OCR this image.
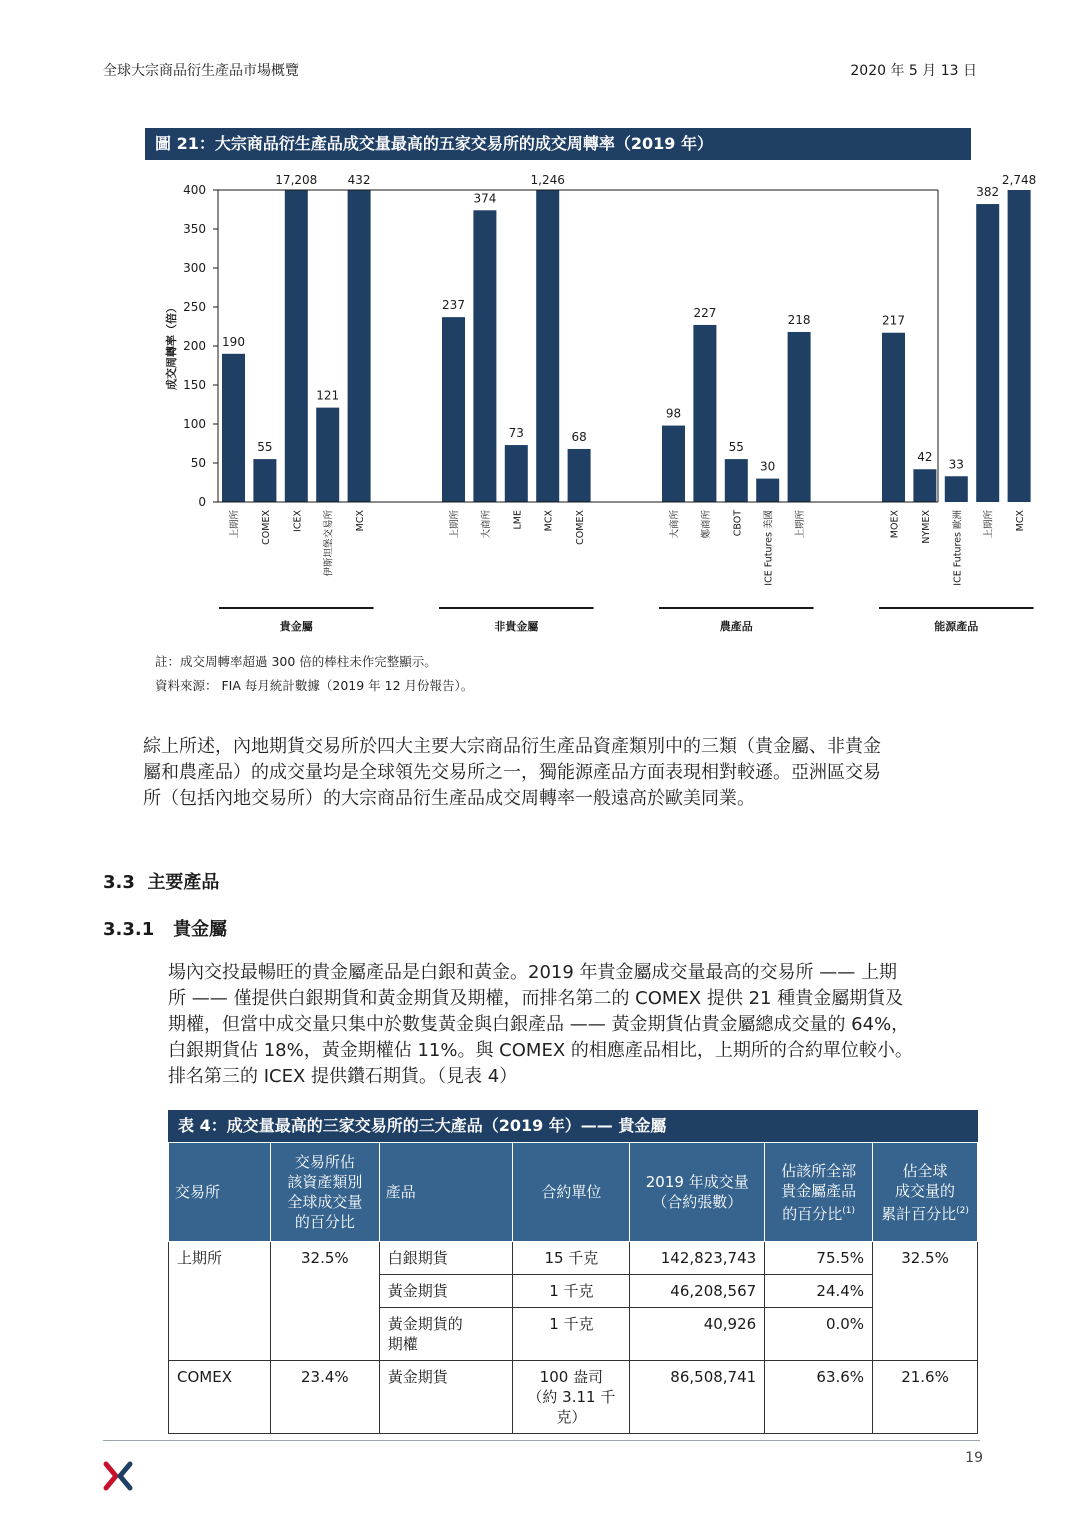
全球大宗商品衍生產品市場概覽	2020 年 5 月 13 日
圖 21：大宗商品衍生產品成交量最高的五家交易所的成交周轉率（2019 年）
0
50
100
150
200
250
300
350
400
成交周轉率（倍）	190
上期所
55
COMEX
17,208
ICEX
121
伊斯坦堡交易所
432
MCX
貴金屬
237
上期所
374
大商所
73
LME
1,246
MCX
68
COMEX
非貴金屬
98
大商所
227
鄭商所
55
CBOT
30
ICE Futures 美國
218
上期所
農產品
217
MOEX
42
NYMEX
33
ICE Futures 歐洲
382
上期所
2,748
MCX
能源產品
註：成交周轉率超過 300 倍的棒柱未作完整顯示。
資料來源： FIA 每月統計數據（2019 年 12 月份報告）。

綜上所述，內地期貨交易所於四大主要大宗商品衍生產品資產類別中的三類（貴金屬、非貴金

屬和農產品）的成交量均是全球領先交易所之一，獨能源產品方面表現相對較遜。亞洲區交易

所（包括內地交易所）的大宗商品衍生產品成交周轉率一般遠高於歐美同業。

3.3 主要產品
3.3.1 貴金屬

場內交投最暢旺的貴金屬產品是白銀和黃金。2019 年貴金屬成交量最高的交易所 —— 上期

所 —— 僅提供白銀期貨和黃金期貨及期權，而排名第二的 COMEX 提供 21 種貴金屬期貨及

期權，但當中成交量只集中於數隻黃金與白銀產品 —— 黃金期貨佔貴金屬總成交量的 64%，

白銀期貨佔 18%，黃金期權佔 11%。與 COMEX 的相應產品相比，上期所的合約單位較小。

排名第三的 ICEX 提供鑽石期貨。（見表 4）

表 4：成交量最高的三家交易所的三大產品（2019 年）—— 貴金屬
交易所	交易所佔
該資產類別
全球成交量
的百分比	產品	合約單位	2019 年成交量
（合約張數）	佔該所全部
貴金屬產品
的百分比$^{(1)}$	佔全球
成交量的
累計百分比$^{(2)}$
上期所	32.5%	白銀期貨	15 千克	142,823,743	75.5%	32.5%
		黃金期貨	1 千克	46,208,567	24.4%	
		黃金期貨的
期權	1 千克	40,926	0.0%	
COMEX	23.4%	黃金期貨	100 盎司
（約 3.11 千克）	86,508,741	63.6%	21.6%
19
